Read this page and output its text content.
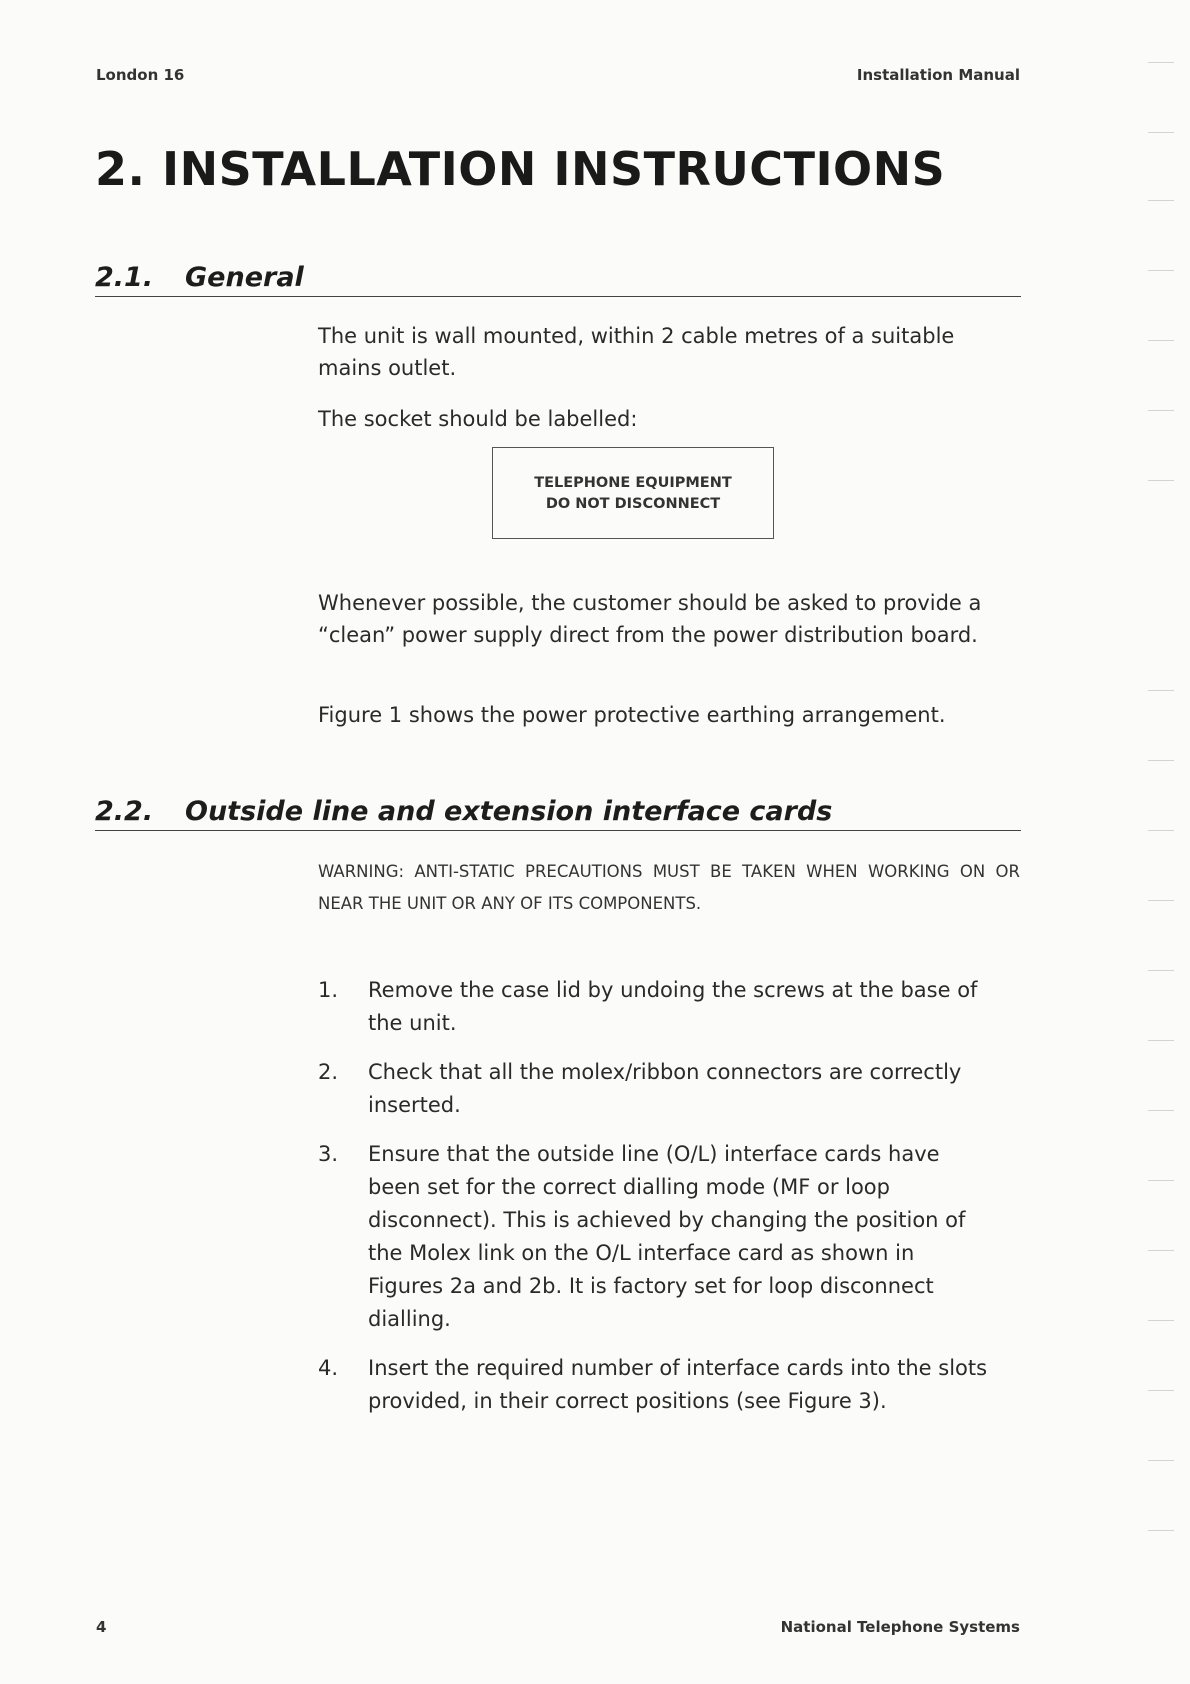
London 16	Installation Manual
2. INSTALLATION INSTRUCTIONS
2.1. General
The unit is wall mounted, within 2 cable metres of a suitable mains outlet.
The socket should be labelled:
TELEPHONE EQUIPMENT
DO NOT DISCONNECT
Whenever possible, the customer should be asked to provide a “clean” power supply direct from the power distribution board.
Figure 1 shows the power protective earthing arrangement.
2.2. Outside line and extension interface cards
WARNING: ANTI-STATIC PRECAUTIONS MUST BE TAKEN WHEN WORKING ON OR NEAR THE UNIT OR ANY OF ITS COMPONENTS.
1.	Remove the case lid by undoing the screws at the base of the unit.
2.	Check that all the molex/ribbon connectors are correctly inserted.
3.	Ensure that the outside line (O/L) interface cards have been set for the correct dialling mode (MF or loop disconnect). This is achieved by changing the position of the Molex link on the O/L interface card as shown in Figures 2a and 2b. It is factory set for loop disconnect dialling.
4.	Insert the required number of interface cards into the slots provided, in their correct positions (see Figure 3).
4	National Telephone Systems
